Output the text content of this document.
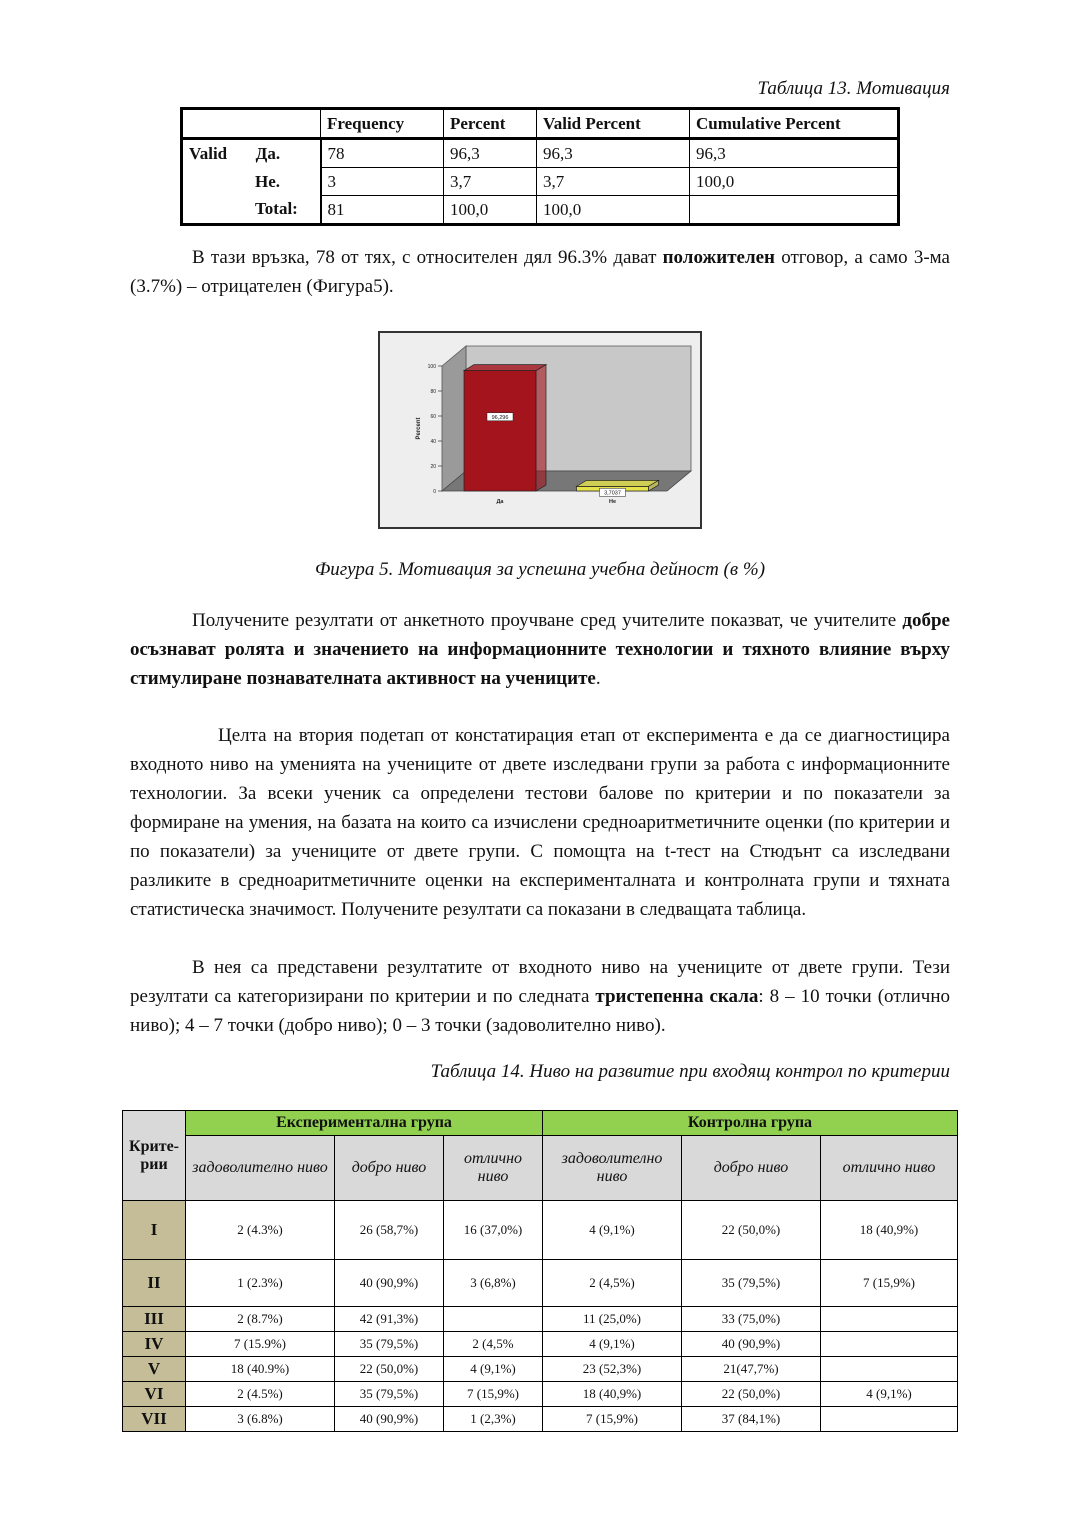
Таблица 13. Мотивация
	Frequency	Percent	Valid Percent	Cumulative Percent
Valid Да.	78	96,3	96,3	96,3
Не.	3	3,7	3,7	100,0
Total:	81	100,0	100,0	

В тази връзка, 78 от тях, с относителен дял 96.3% дават положителен отговор, а само 3-ма (3.7%) – отрицателен (Фигура5).

0
20
40
60
80
100
Percent	96,296
Да
3,7037
Не
Фигура 5. Мотивация за успешна учебна дейност (в %)

Получените резултати от анкетното проучване сред учителите показват, че учителите добре осъзнават ролята и значението на информационните технологии и тяхното влияние върху стимулиране познавателната активност на учениците.

Целта на втория подетап от констатирация етап от експеримента е да се диагностицира входното ниво на уменията на учениците от двете изследвани групи за работа с информационните технологии. За всеки ученик са определени тестови балове по критерии и по показатели за формиране на умения, на базата на които са изчислени средноаритметичните оценки (по критерии и по показатели) за учениците от двете групи. С помощта на t-тест на Стюдънт са изследвани разликите в средноаритметичните оценки на експерименталната и контролната групи и тяхната статистическа значимост. Получените резултати са показани в следващата таблица.

В нея са представени резултатите от входното ниво на учениците от двете групи. Тези резултати са категоризирани по критерии и по следната тристепенна скала: 8 – 10 точки (отлично ниво); 4 – 7 точки (добро ниво); 0 – 3 точки (задоволително ниво).

Таблица 14. Ниво на развитие при входящ контрол по критерии
Крите-рии	Експериментална група			Контролна група		
	задоволително ниво	добро ниво	отлично ниво	задоволително ниво	добро ниво	отлично ниво
I	2 (4.3%)	26 (58,7%)	16 (37,0%)	4 (9,1%)	22 (50,0%)	18 (40,9%)
II	1 (2.3%)	40 (90,9%)	3 (6,8%)	2 (4,5%)	35 (79,5%)	7 (15,9%)
III	2 (8.7%)	42 (91,3%)		11 (25,0%)	33 (75,0%)	
IV	7 (15.9%)	35 (79,5%)	2 (4,5%	4 (9,1%)	40 (90,9%)	
V	18 (40.9%)	22 (50,0%)	4 (9,1%)	23 (52,3%)	21(47,7%)	
VI	2 (4.5%)	35 (79,5%)	7 (15,9%)	18 (40,9%)	22 (50,0%)	4 (9,1%)
VII	3 (6.8%)	40 (90,9%)	1 (2,3%)	7 (15,9%)	37 (84,1%)	
